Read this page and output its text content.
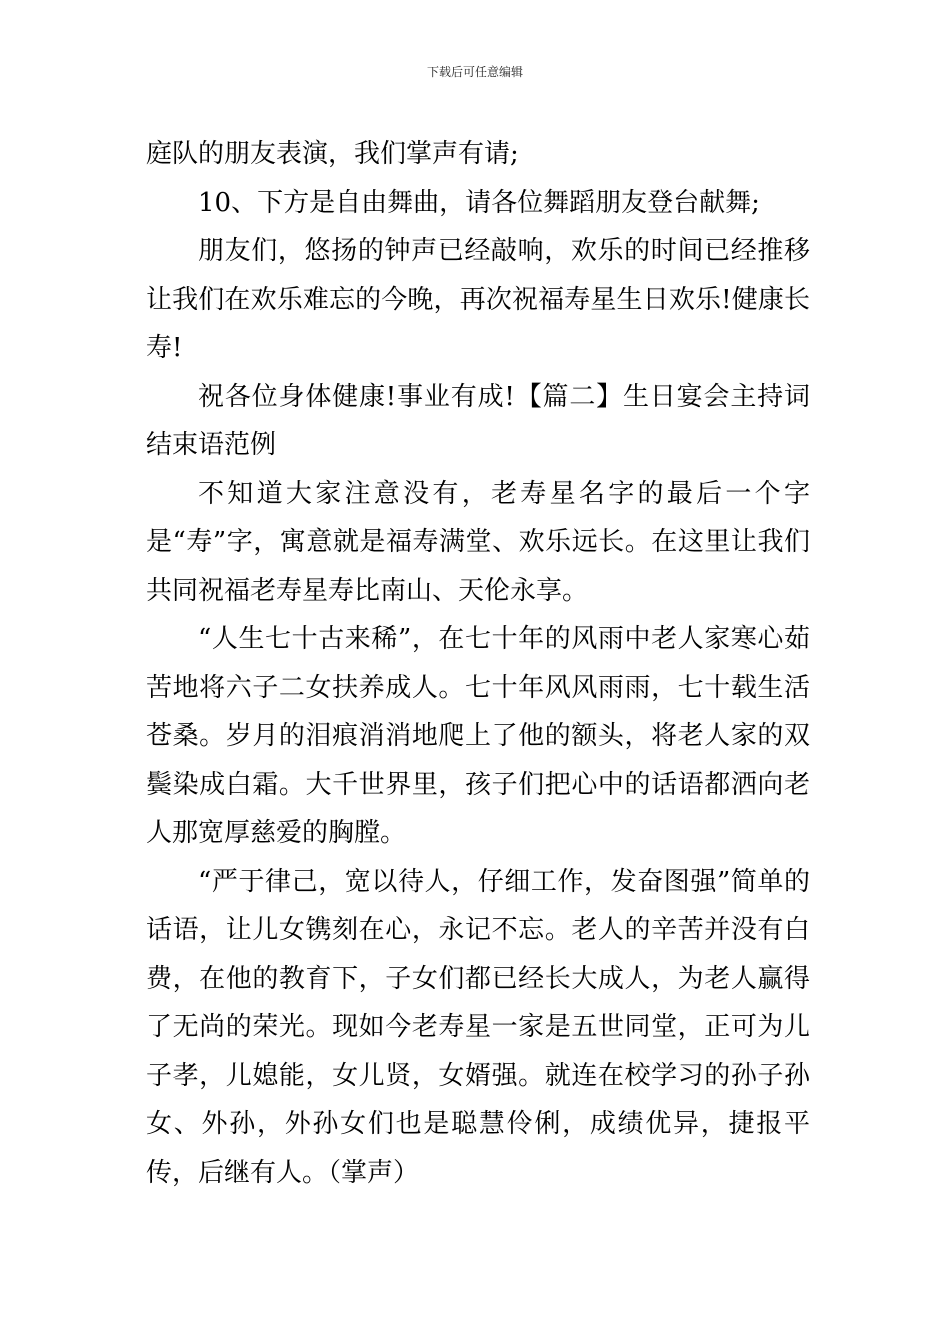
下载后可任意编辑

庭队的朋友表演，我们掌声有请;

10、下方是自由舞曲，请各位舞蹈朋友登台献舞;

朋友们，悠扬的钟声已经敲响，欢乐的时间已经推移让我们在欢乐难忘的今晚，再次祝福寿星生日欢乐!健康长寿!

祝各位身体健康!事业有成!【篇二】生日宴会主持词结束语范例

不知道大家注意没有，老寿星名字的最后一个字是“寿”字，寓意就是福寿满堂、欢乐远长。在这里让我们共同祝福老寿星寿比南山、天伦永享。

“人生七十古来稀”，在七十年的风雨中老人家寒心茹苦地将六子二女扶养成人。七十年风风雨雨，七十载生活苍桑。岁月的泪痕消消地爬上了他的额头，将老人家的双鬓染成白霜。大千世界里，孩子们把心中的话语都洒向老人那宽厚慈爱的胸膛。

“严于律己，宽以待人，仔细工作，发奋图强”简单的话语，让儿女镌刻在心，永记不忘。老人的辛苦并没有白费，在他的教育下，子女们都已经长大成人，为老人赢得了无尚的荣光。现如今老寿星一家是五世同堂，正可为儿子孝，儿媳能，女儿贤，女婿强。就连在校学习的孙子孙女、外孙，外孙女们也是聪慧伶俐，成绩优异，捷报平传，后继有人。（掌声）
